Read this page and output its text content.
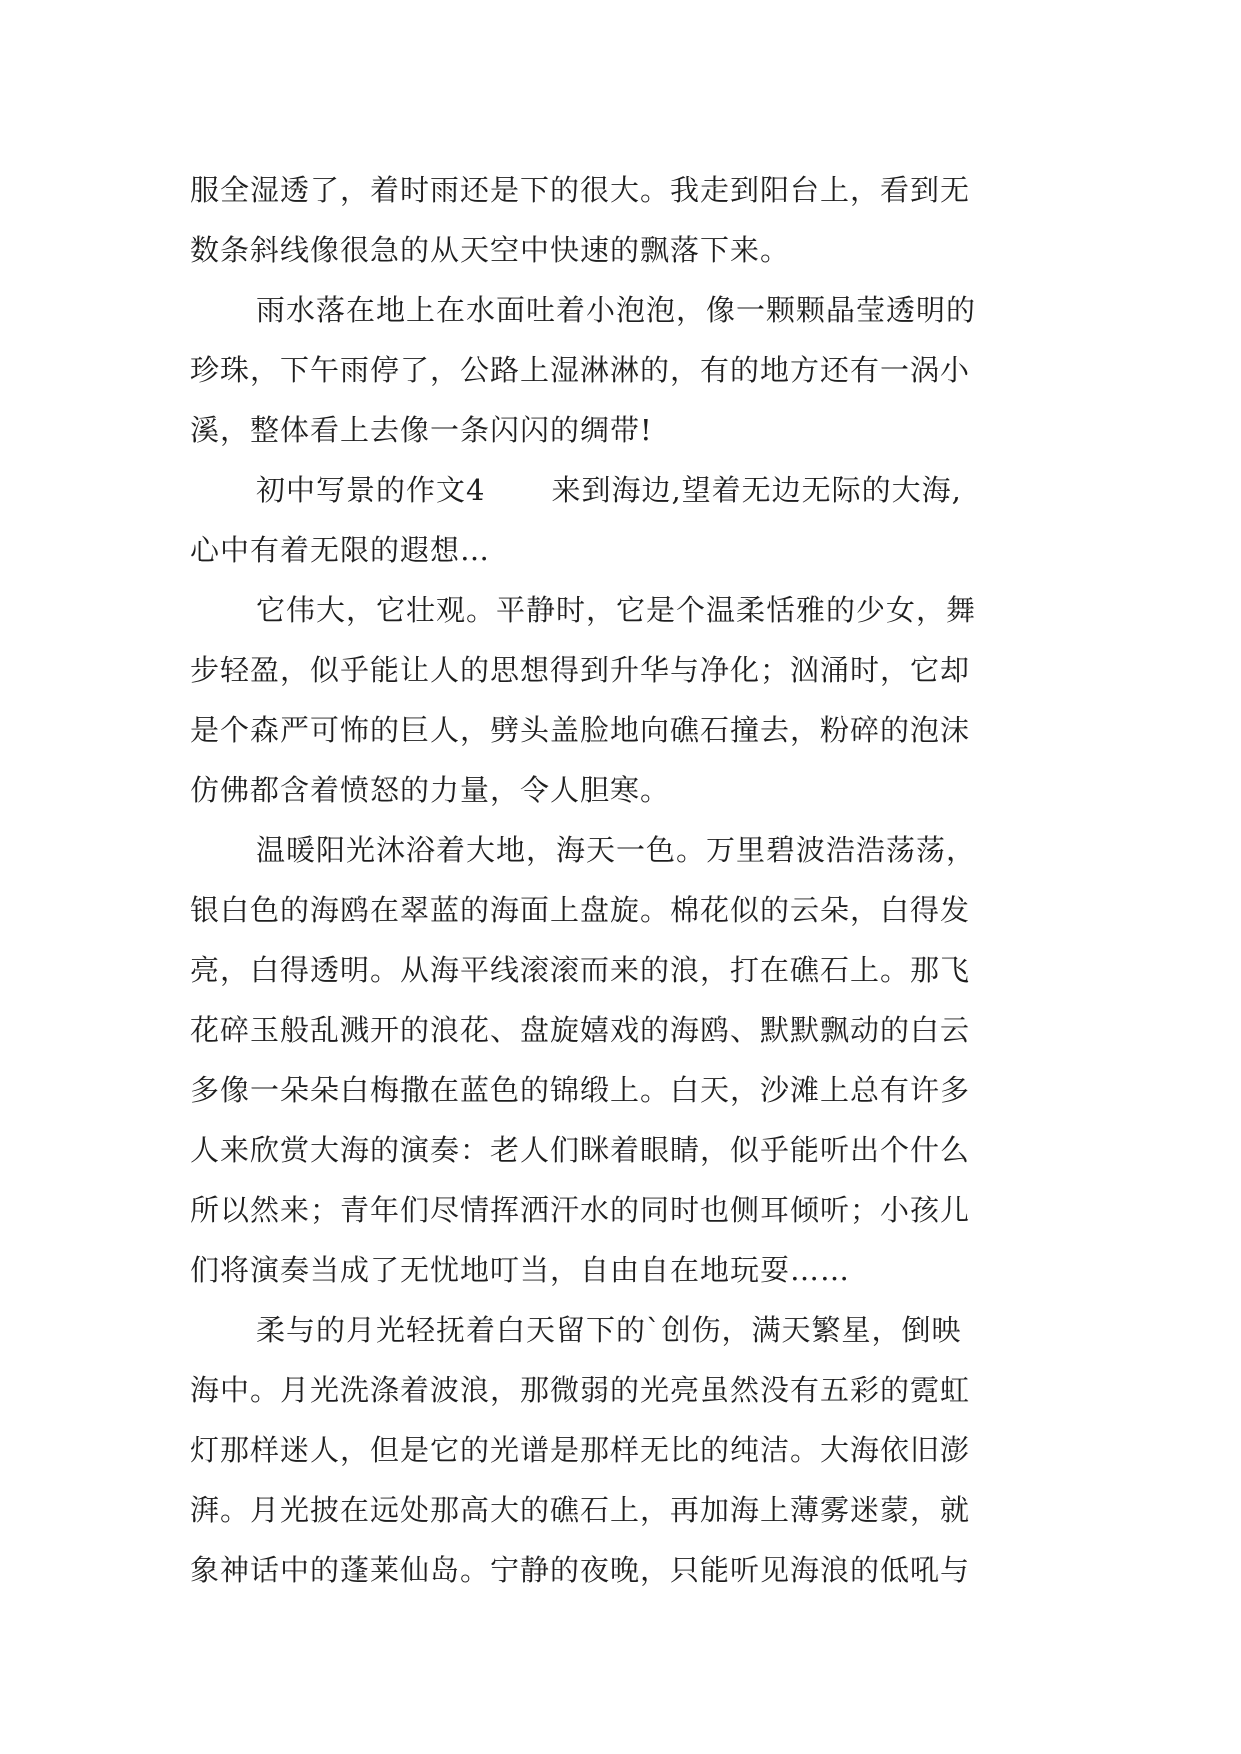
服全湿透了，着时雨还是下的很大。我走到阳台上，看到无
数条斜线像很急的从天空中快速的飘落下来。

雨水落在地上在水面吐着小泡泡，像一颗颗晶莹透明的
珍珠，下午雨停了，公路上湿淋淋的，有的地方还有一涡小
溪，整体看上去像一条闪闪的绸带!

初中写景的作文4 来到海边,望着无边无际的大海,
心中有着无限的遐想…

它伟大，它壮观。平静时，它是个温柔恬雅的少女，舞
步轻盈，似乎能让人的思想得到升华与净化；汹涌时，它却
是个森严可怖的巨人，劈头盖脸地向礁石撞去，粉碎的泡沫
仿佛都含着愤怒的力量，令人胆寒。

温暖阳光沐浴着大地，海天一色。万里碧波浩浩荡荡，
银白色的海鸥在翠蓝的海面上盘旋。棉花似的云朵，白得发
亮，白得透明。从海平线滚滚而来的浪，打在礁石上。那飞
花碎玉般乱溅开的浪花、盘旋嬉戏的海鸥、默默飘动的白云
多像一朵朵白梅撒在蓝色的锦缎上。白天，沙滩上总有许多
人来欣赏大海的演奏：老人们眯着眼睛，似乎能听出个什么
所以然来；青年们尽情挥洒汗水的同时也侧耳倾听；小孩儿
们将演奏当成了无忧地叮当，自由自在地玩耍……

柔与的月光轻抚着白天留下的`创伤，满天繁星，倒映
海中。月光洗涤着波浪，那微弱的光亮虽然没有五彩的霓虹
灯那样迷人，但是它的光谱是那样无比的纯洁。大海依旧澎
湃。月光披在远处那高大的礁石上，再加海上薄雾迷蒙，就
象神话中的蓬莱仙岛。宁静的夜晚，只能听见海浪的低吼与
